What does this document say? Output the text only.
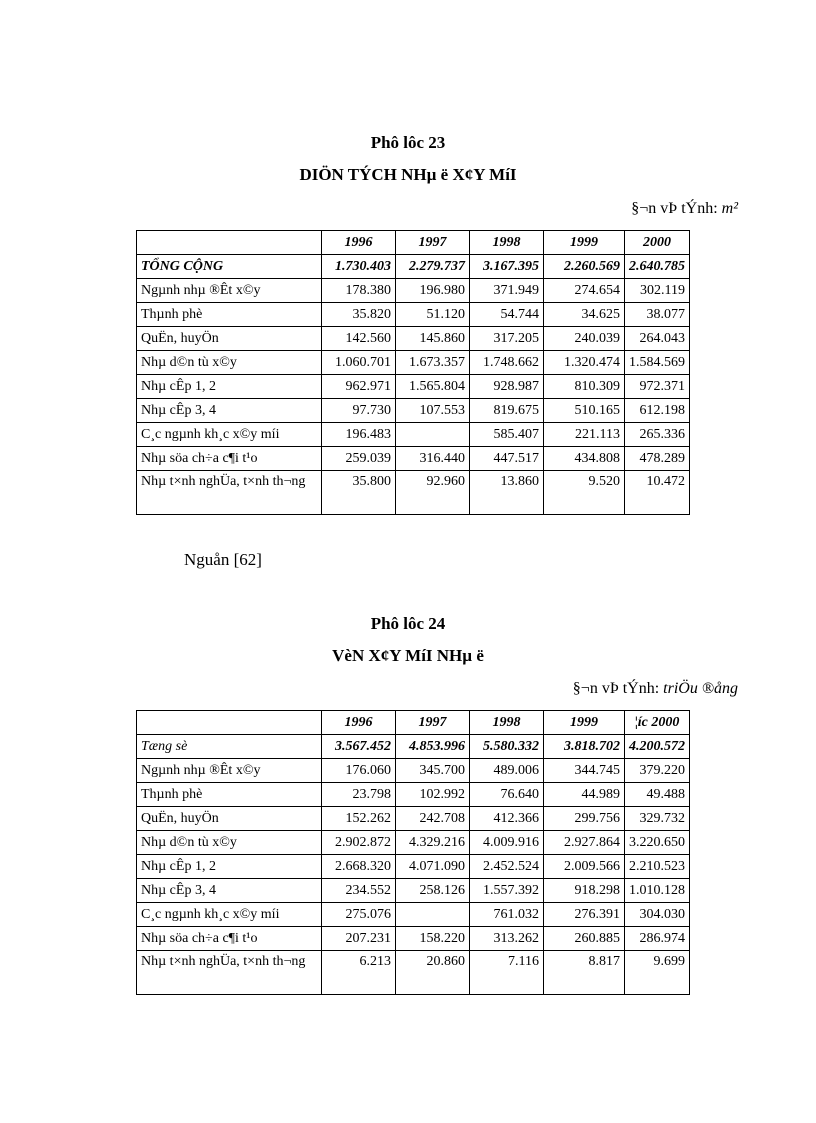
Phô lôc 23
DIÖN TÝCH NHµ ë X¢Y MíI
§¬n vÞ tÝnh: m²
	1996	1997	1998	1999	2000
TỔNG CỘNG	1.730.403	2.279.737	3.167.395	2.260.569	2.640.785
Ngµnh nhµ ®Êt x©y	178.380	196.980	371.949	274.654	302.119
Thµnh phè	35.820	51.120	54.744	34.625	38.077
QuËn, huyÖn	142.560	145.860	317.205	240.039	264.043
Nhµ d©n tù x©y	1.060.701	1.673.357	1.748.662	1.320.474	1.584.569
Nhµ cÊp 1, 2	962.971	1.565.804	928.987	810.309	972.371
Nhµ cÊp 3, 4	97.730	107.553	819.675	510.165	612.198
C¸c ngµnh kh¸c x©y míi	196.483		585.407	221.113	265.336
Nhµ söa ch÷a c¶i t¹o	259.039	316.440	447.517	434.808	478.289
Nhµ t×nh nghÜa, t×nh th¬ng	35.800	92.960	13.860	9.520	10.472
Nguån [62]
Phô lôc 24
VèN X¢Y MíI NHµ ë
§¬n vÞ tÝnh: triÖu ®ång
	1996	1997	1998	1999	¦íc 2000
Tæng sè	3.567.452	4.853.996	5.580.332	3.818.702	4.200.572
Ngµnh nhµ ®Êt x©y	176.060	345.700	489.006	344.745	379.220
Thµnh phè	23.798	102.992	76.640	44.989	49.488
QuËn, huyÖn	152.262	242.708	412.366	299.756	329.732
Nhµ d©n tù x©y	2.902.872	4.329.216	4.009.916	2.927.864	3.220.650
Nhµ cÊp 1, 2	2.668.320	4.071.090	2.452.524	2.009.566	2.210.523
Nhµ cÊp 3, 4	234.552	258.126	1.557.392	918.298	1.010.128
C¸c ngµnh kh¸c x©y míi	275.076		761.032	276.391	304.030
Nhµ söa ch÷a c¶i t¹o	207.231	158.220	313.262	260.885	286.974
Nhµ t×nh nghÜa, t×nh th¬ng	6.213	20.860	7.116	8.817	9.699
